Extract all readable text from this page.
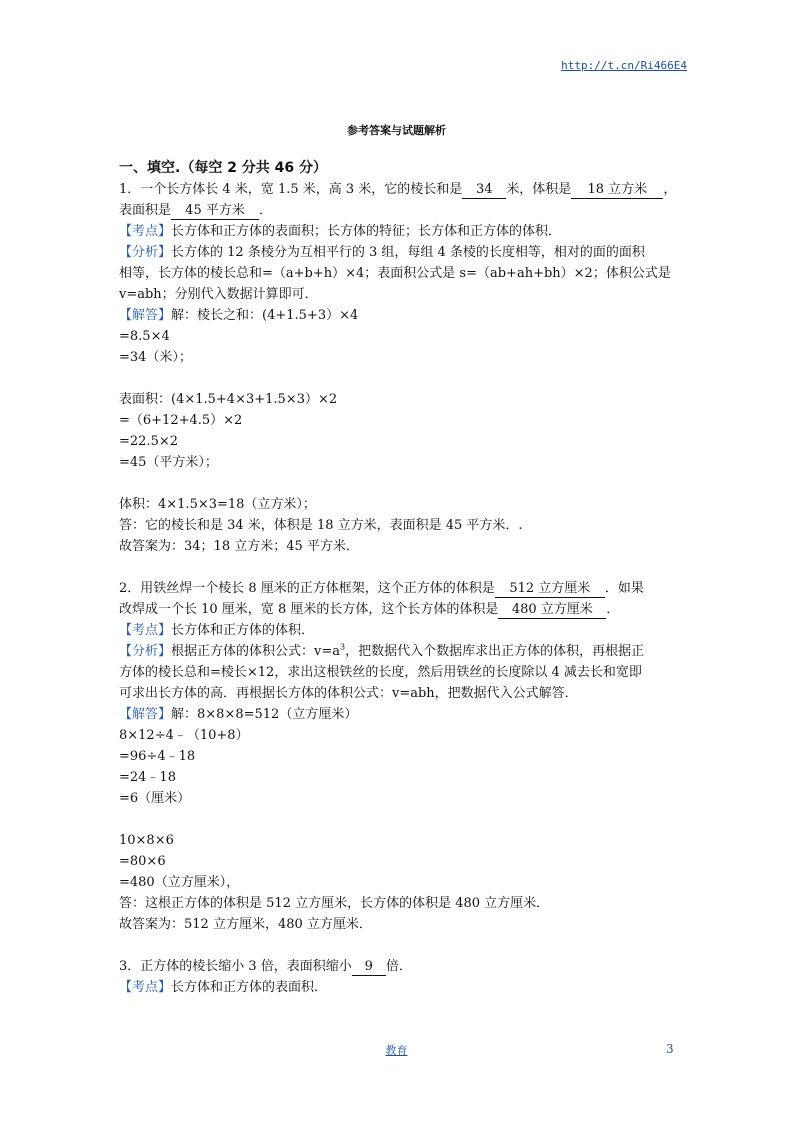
http://t.cn/Ri466E4
参考答案与试题解析
一、填空.（每空 2 分共 46 分）
1．一个长方体长 4 米，宽 1.5 米，高 3 米，它的棱长和是 34 米，体积是 18 立方米 ，
表面积是 45 平方米 ．
【考点】长方体和正方体的表面积；长方体的特征；长方体和正方体的体积．
【分析】长方体的 12 条棱分为互相平行的 3 组，每组 4 条棱的长度相等，相对的面的面积
相等，长方体的棱长总和=（a+b+h）×4；表面积公式是 s=（ab+ah+bh）×2；体积公式是
v=abh；分别代入数据计算即可．
【解答】解：棱长之和：(4+1.5+3）×4
=8.5×4
=34（米）；
表面积：(4×1.5+4×3+1.5×3）×2
=（6+12+4.5）×2
=22.5×2
=45（平方米）；
体积：4×1.5×3=18（立方米）；
答：它的棱长和是 34 米，体积是 18 立方米，表面积是 45 平方米．.
故答案为：34；18 立方米；45 平方米．
2．用铁丝焊一个棱长 8 厘米的正方体框架，这个正方体的体积是 512 立方厘米 ．如果
改焊成一个长 10 厘米，宽 8 厘米的长方体，这个长方体的体积是 480 立方厘米 ．
【考点】长方体和正方体的体积．
【分析】根据正方体的体积公式：$v=a^3$，把数据代入个数据库求出正方体的体积，再根据正
方体的棱长总和=棱长×12，求出这根铁丝的长度，然后用铁丝的长度除以 4 减去长和宽即
可求出长方体的高．再根据长方体的体积公式：v=abh，把数据代入公式解答．
【解答】解：8×8×8=512（立方厘米）
8×12÷4﹣（10+8）
=96÷4﹣18
=24﹣18
=6（厘米）
10×8×6
=80×6
=480（立方厘米），
答：这根正方体的体积是 512 立方厘米，长方体的体积是 480 立方厘米．
故答案为：512 立方厘米，480 立方厘米．
3．正方体的棱长缩小 3 倍，表面积缩小 9 倍．
【考点】长方体和正方体的表面积．
教育	3
